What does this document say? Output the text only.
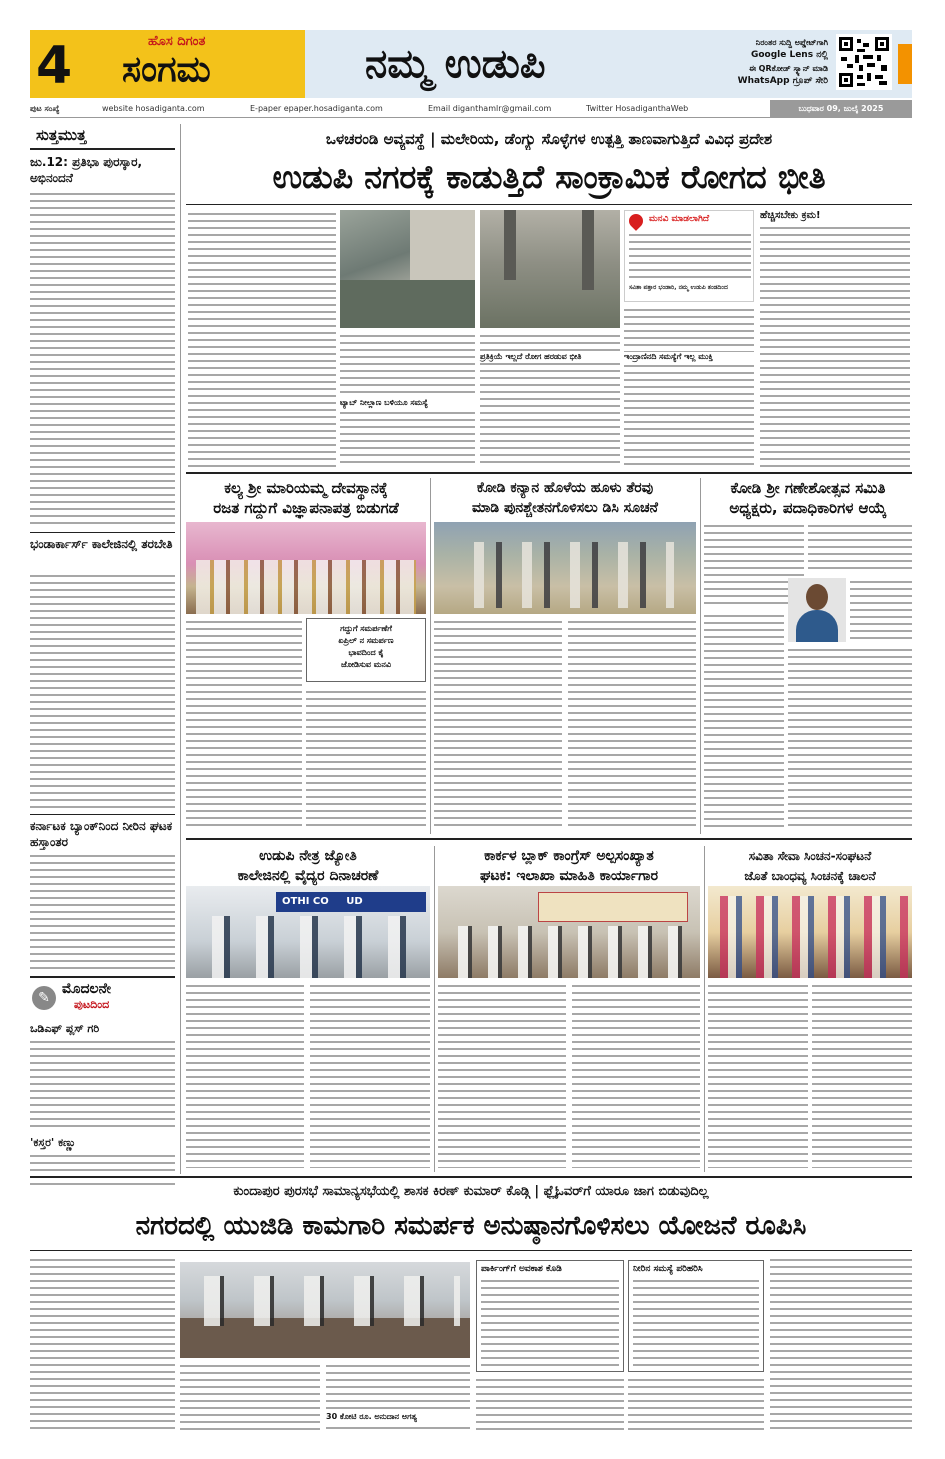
4	ಹೊಸ ದಿಗಂತ
ಸಂಗಮ	ನಮ್ಮ ಉಡುಪಿ	ನಿರಂತರ ಸುದ್ದಿ ಅಪ್ಡೇಟ್‌ಗಾಗಿ
Google Lens ನಲ್ಲಿ
ಈ QRಕೋಡ್ ಸ್ಕ್ಯಾನ್ ಮಾಡಿ
WhatsApp ಗ್ರೂಪ್ ಸೇರಿ
ಪುಟ ಸಂಖ್ಯೆ	website hosadiganta.com	E-paper epaper.hosadiganta.com	Email diganthamlr@gmail.com	Twitter HosadiganthaWeb	ಬುಧವಾರ 09, ಜುಲೈ 2025
ಸುತ್ತಮುತ್ತ
ಜು.12: ಪ್ರತಿಭಾ ಪುರಸ್ಕಾರ, ಅಭಿನಂದನೆ
ಭಂಡಾರ್ಕಾರ್ಸ್ ಕಾಲೇಜಿನಲ್ಲಿ ತರಬೇತಿ
ಕರ್ನಾಟಕ ಬ್ಯಾಂಕ್‌ನಿಂದ ನೀರಿನ ಘಟಕ ಹಸ್ತಾಂತರ
✎
ಮೊದಲನೇ
ಪುಟದಿಂದ
ಒಡಿಎಫ್ ಪ್ಲಸ್ ಗರಿ
'ಕಸ್ತರ' ಕಣ್ಣು
ಒಳಚರಂಡಿ ಅವ್ಯವಸ್ಥೆ | ಮಲೇರಿಯ, ಡೆಂಗ್ಯು ಸೊಳ್ಳೆಗಳ ಉತ್ಪತ್ತಿ ತಾಣವಾಗುತ್ತಿದೆ ವಿವಿಧ ಪ್ರದೇಶ
ಉಡುಪಿ ನಗರಕ್ಕೆ ಕಾಡುತ್ತಿದೆ ಸಾಂಕ್ರಾಮಿಕ ರೋಗದ ಭೀತಿ
ಟ್ಯಾಬ್ ನೀಲ್ಲಾಣ ಬಳಿಯೂ ಸಮಸ್ಯೆ
ಪ್ರತಿಕ್ರಿಯೆ ಇಲ್ಲದೆ ರೋಗ ಹರಡುವ ಭೀತಿ
ಮನವಿ ಮಾಡಲಾಗಿದೆ
ಸವಿತಾ ಪತ್ತಾರ ಭಂಡಾರಿ, ನಮ್ಮ ಉಡುಪಿ ತಂಡದಿಂದ
ಇಂದ್ರಾಣಿನದಿ ಸಮಸ್ಯೆಗೆ ಇಲ್ಲ ಮುಕ್ತಿ
ಹೆಚ್ಚಿಸಬೇಕು ಕ್ರಮ!
ಕಲ್ಯ ಶ್ರೀ ಮಾರಿಯಮ್ಮ ದೇವಸ್ಥಾನಕ್ಕೆ
ರಜತ ಗದ್ದುಗೆ ವಿಜ್ಞಾಪನಾಪತ್ರ ಬಿಡುಗಡೆ
ಗದ್ದುಗೆ ಸಮರ್ಪಣೆಗೆ
ಏಪ್ರಿಲ್ ನ ಸಮರ್ಪಣ
ಭಾವದಿಂದ ಕೈ
ಜೋಡಿಸುವ ಮನವಿ
ಕೋಡಿ ಕನ್ಯಾನ ಹೊಳೆಯ ಹೂಳು ತೆರವು
ಮಾಡಿ ಪುನಶ್ಚೇತನಗೊಳಿಸಲು ಡಿಸಿ ಸೂಚನೆ
ಕೋಡಿ ಶ್ರೀ ಗಣೇಶೋತ್ಸವ ಸಮಿತಿ
ಅಧ್ಯಕ್ಷರು, ಪದಾಧಿಕಾರಿಗಳ ಆಯ್ಕೆ
ಉಡುಪಿ ನೇತ್ರ ಜ್ಯೋತಿ
ಕಾಲೇಜಿನಲ್ಲಿ ವೈದ್ಯರ ದಿನಾಚರಣೆ
OTHI CO UD
ಕಾರ್ಕಳ ಬ್ಲಾಕ್ ಕಾಂಗ್ರೆಸ್ ಅಲ್ಪಸಂಖ್ಯಾತ
ಘಟಕ: ಇಲಾಖಾ ಮಾಹಿತಿ ಕಾರ್ಯಾಗಾರ
ಸವಿತಾ ಸೇವಾ ಸಿಂಚನ-ಸಂಘಟನೆ
ಜೊತೆ ಬಾಂಧವ್ಯ ಸಿಂಚನಕ್ಕೆ ಚಾಲನೆ
ಕುಂದಾಪುರ ಪುರಸಭೆ ಸಾಮಾನ್ಯಸಭೆಯಲ್ಲಿ ಶಾಸಕ ಕಿರಣ್ ಕುಮಾರ್ ಕೊಡ್ಗಿ | ಫ್ಲೈಓವರ್‌ಗೆ ಯಾರೂ ಜಾಗ ಬಿಡುವುದಿಲ್ಲ
ನಗರದಲ್ಲಿ ಯುಜಿಡಿ ಕಾಮಗಾರಿ ಸಮರ್ಪಕ ಅನುಷ್ಠಾನಗೊಳಿಸಲು ಯೋಜನೆ ರೂಪಿಸಿ
30 ಕೋಟಿ ರೂ. ಅನುದಾನ ಅಗತ್ಯ
ಪಾರ್ಕಿಂಗ್‌ಗೆ ಅವಕಾಶ ಕೊಡಿ	ನೀರಿನ ಸಮಸ್ಯೆ ಪರಿಹರಿಸಿ
